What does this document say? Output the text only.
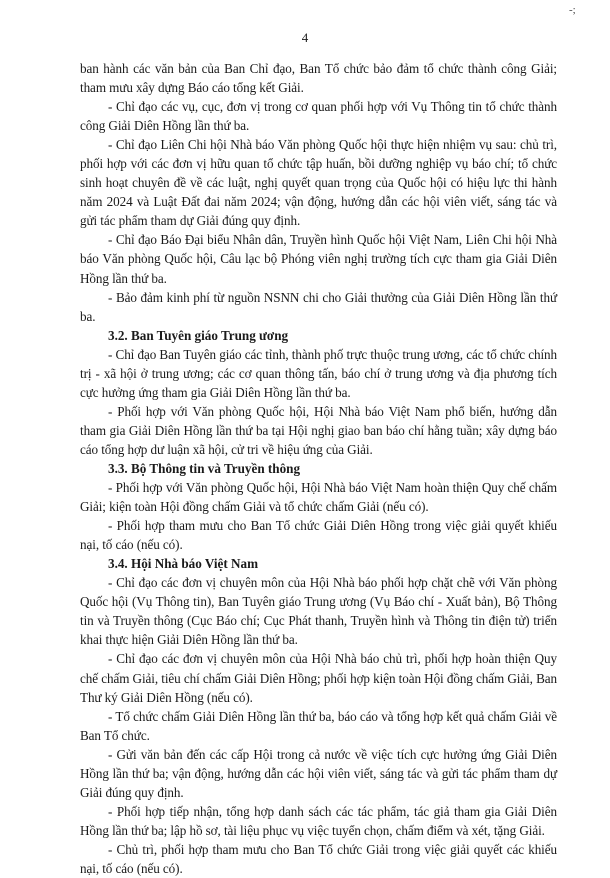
-;
4

ban hành các văn bản của Ban Chỉ đạo, Ban Tổ chức bảo đảm tổ chức thành công Giải; tham mưu xây dựng Báo cáo tổng kết Giải.

- Chỉ đạo các vụ, cục, đơn vị trong cơ quan phối hợp với Vụ Thông tin tổ chức thành công Giải Diên Hồng lần thứ ba.

- Chỉ đạo Liên Chi hội Nhà báo Văn phòng Quốc hội thực hiện nhiệm vụ sau: chủ trì, phối hợp với các đơn vị hữu quan tổ chức tập huấn, bồi dưỡng nghiệp vụ báo chí; tổ chức sinh hoạt chuyên đề về các luật, nghị quyết quan trọng của Quốc hội có hiệu lực thi hành năm 2024 và Luật Đất đai năm 2024; vận động, hướng dẫn các hội viên viết, sáng tác và gửi tác phẩm tham dự Giải đúng quy định.

- Chỉ đạo Báo Đại biểu Nhân dân, Truyền hình Quốc hội Việt Nam, Liên Chi hội Nhà báo Văn phòng Quốc hội, Câu lạc bộ Phóng viên nghị trường tích cực tham gia Giải Diên Hồng lần thứ ba.

- Bảo đảm kinh phí từ nguồn NSNN chi cho Giải thưởng của Giải Diên Hồng lần thứ ba.

3.2. Ban Tuyên giáo Trung ương

- Chỉ đạo Ban Tuyên giáo các tỉnh, thành phố trực thuộc trung ương, các tổ chức chính trị - xã hội ở trung ương; các cơ quan thông tấn, báo chí ở trung ương và địa phương tích cực hưởng ứng tham gia Giải Diên Hồng lần thứ ba.

- Phối hợp với Văn phòng Quốc hội, Hội Nhà báo Việt Nam phổ biến, hướng dẫn tham gia Giải Diên Hồng lần thứ ba tại Hội nghị giao ban báo chí hằng tuần; xây dựng báo cáo tổng hợp dư luận xã hội, cử tri về hiệu ứng của Giải.

3.3. Bộ Thông tin và Truyền thông

- Phối hợp với Văn phòng Quốc hội, Hội Nhà báo Việt Nam hoàn thiện Quy chế chấm Giải; kiện toàn Hội đồng chấm Giải và tổ chức chấm Giải (nếu có).

- Phối hợp tham mưu cho Ban Tổ chức Giải Diên Hồng trong việc giải quyết khiếu nại, tố cáo (nếu có).

3.4. Hội Nhà báo Việt Nam

- Chỉ đạo các đơn vị chuyên môn của Hội Nhà báo phối hợp chặt chẽ với Văn phòng Quốc hội (Vụ Thông tin), Ban Tuyên giáo Trung ương (Vụ Báo chí - Xuất bản), Bộ Thông tin và Truyền thông (Cục Báo chí; Cục Phát thanh, Truyền hình và Thông tin điện tử) triển khai thực hiện Giải Diên Hồng lần thứ ba.

- Chỉ đạo các đơn vị chuyên môn của Hội Nhà báo chủ trì, phối hợp hoàn thiện Quy chế chấm Giải, tiêu chí chấm Giải Diên Hồng; phối hợp kiện toàn Hội đồng chấm Giải, Ban Thư ký Giải Diên Hồng (nếu có).

- Tổ chức chấm Giải Diên Hồng lần thứ ba, báo cáo và tổng hợp kết quả chấm Giải về Ban Tổ chức.

- Gửi văn bản đến các cấp Hội trong cả nước về việc tích cực hưởng ứng Giải Diên Hồng lần thứ ba; vận động, hướng dẫn các hội viên viết, sáng tác và gửi tác phẩm tham dự Giải đúng quy định.

- Phối hợp tiếp nhận, tổng hợp danh sách các tác phẩm, tác giả tham gia Giải Diên Hồng lần thứ ba; lập hồ sơ, tài liệu phục vụ việc tuyển chọn, chấm điểm và xét, tặng Giải.

- Chủ trì, phối hợp tham mưu cho Ban Tổ chức Giải trong việc giải quyết các khiếu nại, tố cáo (nếu có).
